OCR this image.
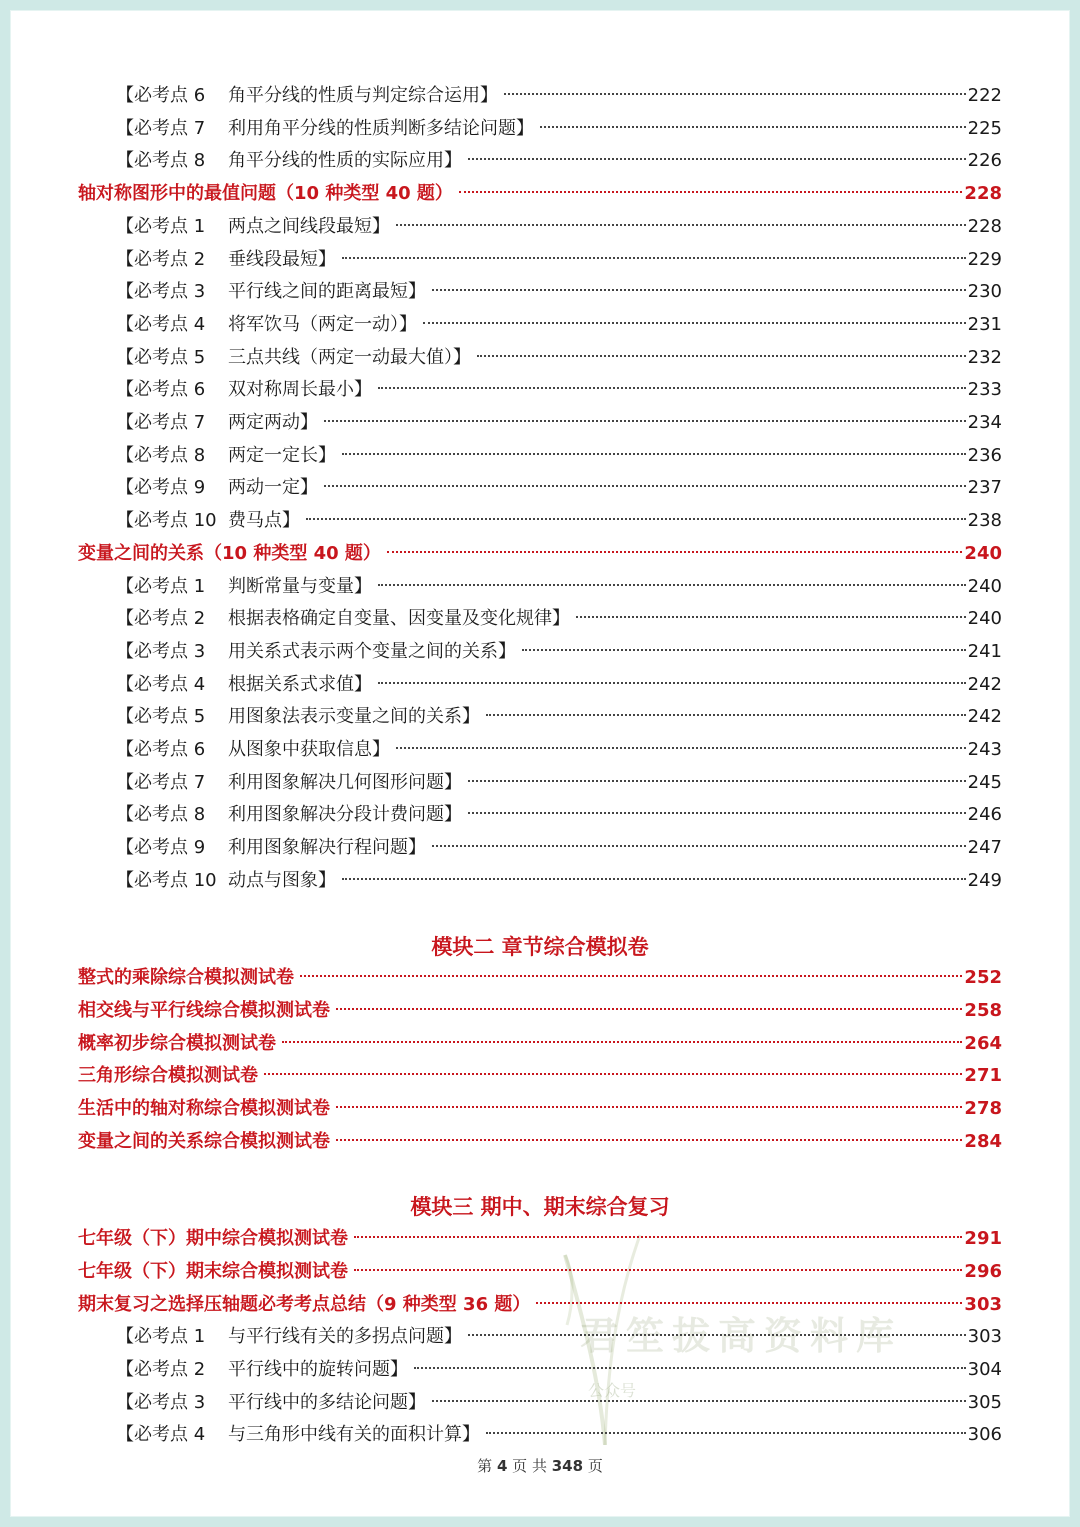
君笙拔高资料库
公众号
【必考点 6 角平分线的性质与判定综合运用】	222
【必考点 7 利用角平分线的性质判断多结论问题】	225
【必考点 8 角平分线的性质的实际应用】	226
轴对称图形中的最值问题（10 种类型 40 题）	228
【必考点 1 两点之间线段最短】	228
【必考点 2 垂线段最短】	229
【必考点 3 平行线之间的距离最短】	230
【必考点 4 将军饮马（两定一动）】	231
【必考点 5 三点共线（两定一动最大值）】	232
【必考点 6 双对称周长最小】	233
【必考点 7 两定两动】	234
【必考点 8 两定一定长】	236
【必考点 9 两动一定】	237
【必考点 10 费马点】	238
变量之间的关系（10 种类型 40 题）	240
【必考点 1 判断常量与变量】	240
【必考点 2 根据表格确定自变量、因变量及变化规律】	240
【必考点 3 用关系式表示两个变量之间的关系】	241
【必考点 4 根据关系式求值】	242
【必考点 5 用图象法表示变量之间的关系】	242
【必考点 6 从图象中获取信息】	243
【必考点 7 利用图象解决几何图形问题】	245
【必考点 8 利用图象解决分段计费问题】	246
【必考点 9 利用图象解决行程问题】	247
【必考点 10 动点与图象】	249
模块二 章节综合模拟卷
整式的乘除综合模拟测试卷	252
相交线与平行线综合模拟测试卷	258
概率初步综合模拟测试卷	264
三角形综合模拟测试卷	271
生活中的轴对称综合模拟测试卷	278
变量之间的关系综合模拟测试卷	284
模块三 期中、期末综合复习
七年级（下）期中综合模拟测试卷	291
七年级（下）期末综合模拟测试卷	296
期末复习之选择压轴题必考考点总结（9 种类型 36 题）	303
【必考点 1 与平行线有关的多拐点问题】	303
【必考点 2 平行线中的旋转问题】	304
【必考点 3 平行线中的多结论问题】	305
【必考点 4 与三角形中线有关的面积计算】	306
第 4 页 共 348 页
